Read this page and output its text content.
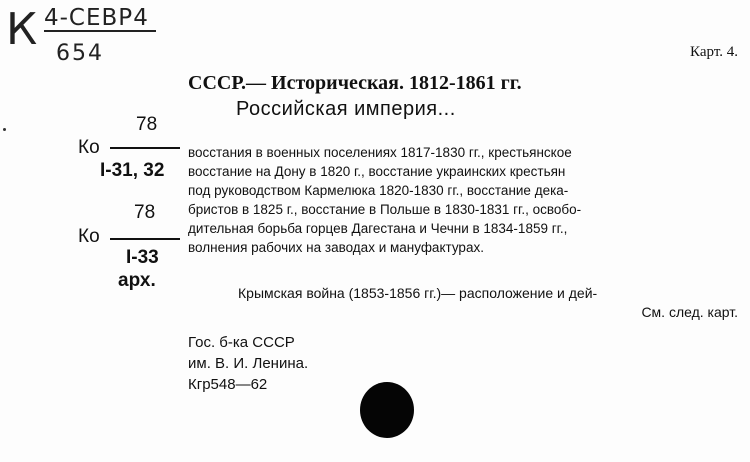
К 4-СЕВР4
654	Карт. 4.
СССР.— Историческая. 1812-1861 гг.
Российская империя...
78
Ко
I-31, 32
78
Ко
I-33
арх.
восстания в военных поселениях 1817-1830 гг., крестьянское
восстание на Дону в 1820 г., восстание украинских крестьян
под руководством Кармелюка 1820-1830 гг., восстание дека-
бристов в 1825 г., восстание в Польше в 1830-1831 гг., освобо-
дительная борьба горцев Дагестана и Чечни в 1834-1859 гг.,
волнения рабочих на заводах и мануфактурах.
Крымская война (1853-1856 гг.)— расположение и дей-
См. след. карт.
Гос. б-ка СССР
им. В. И. Ленина.
Кгр548—62
